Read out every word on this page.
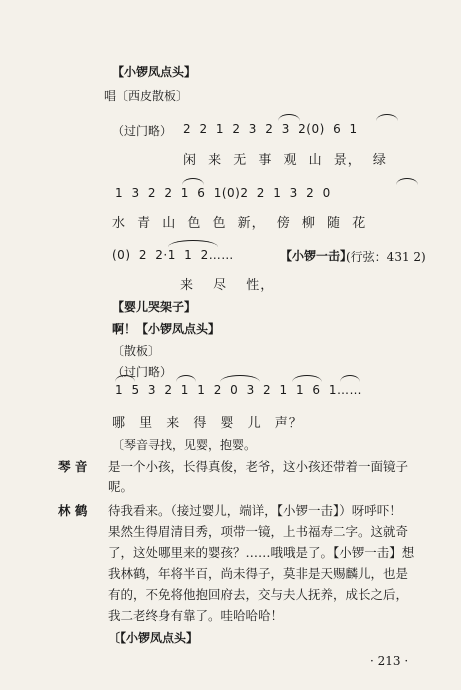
【小锣凤点头】
唱〔西皮散板〕
（过门略） 2 2 1 2 3 2 3 2(0) 6 1
闲 来 无 事 观 山 景， 绿
1 3 2 2 1 6 1(0)2 2 1 3 2 0
水 青 山 色 色 新， 傍 柳 随 花
(0) 2 2·1 1 2……	【小锣一击】
(行弦：431 2)
来 尽 性，
【婴儿哭架子】
啊！【小锣凤点头】
〔散板〕
（过门略）
1 5 3 2 1 1 2 0 3 2 1 1 6 1……
哪 里 来 得 婴 儿 声？
〔琴音寻找，见婴，抱婴。
琴 音 是一个小孩，长得真俊，老爷，这小孩还带着一面镜子
呢。
林 鹤 待我看来。（接过婴儿，端详，【小锣一击】）呀呼吓！
果然生得眉清目秀，项带一镜，上书福寿二字。这就奇
了，这处哪里来的婴孩？……哦哦是了。【小锣一击】想
我林鹤，年将半百，尚未得子，莫非是天赐麟儿，也是
有的，不免将他抱回府去，交与夫人抚养，成长之后，
我二老终身有靠了。哇哈哈哈！
〔【小锣凤点头】
· 213 ·
